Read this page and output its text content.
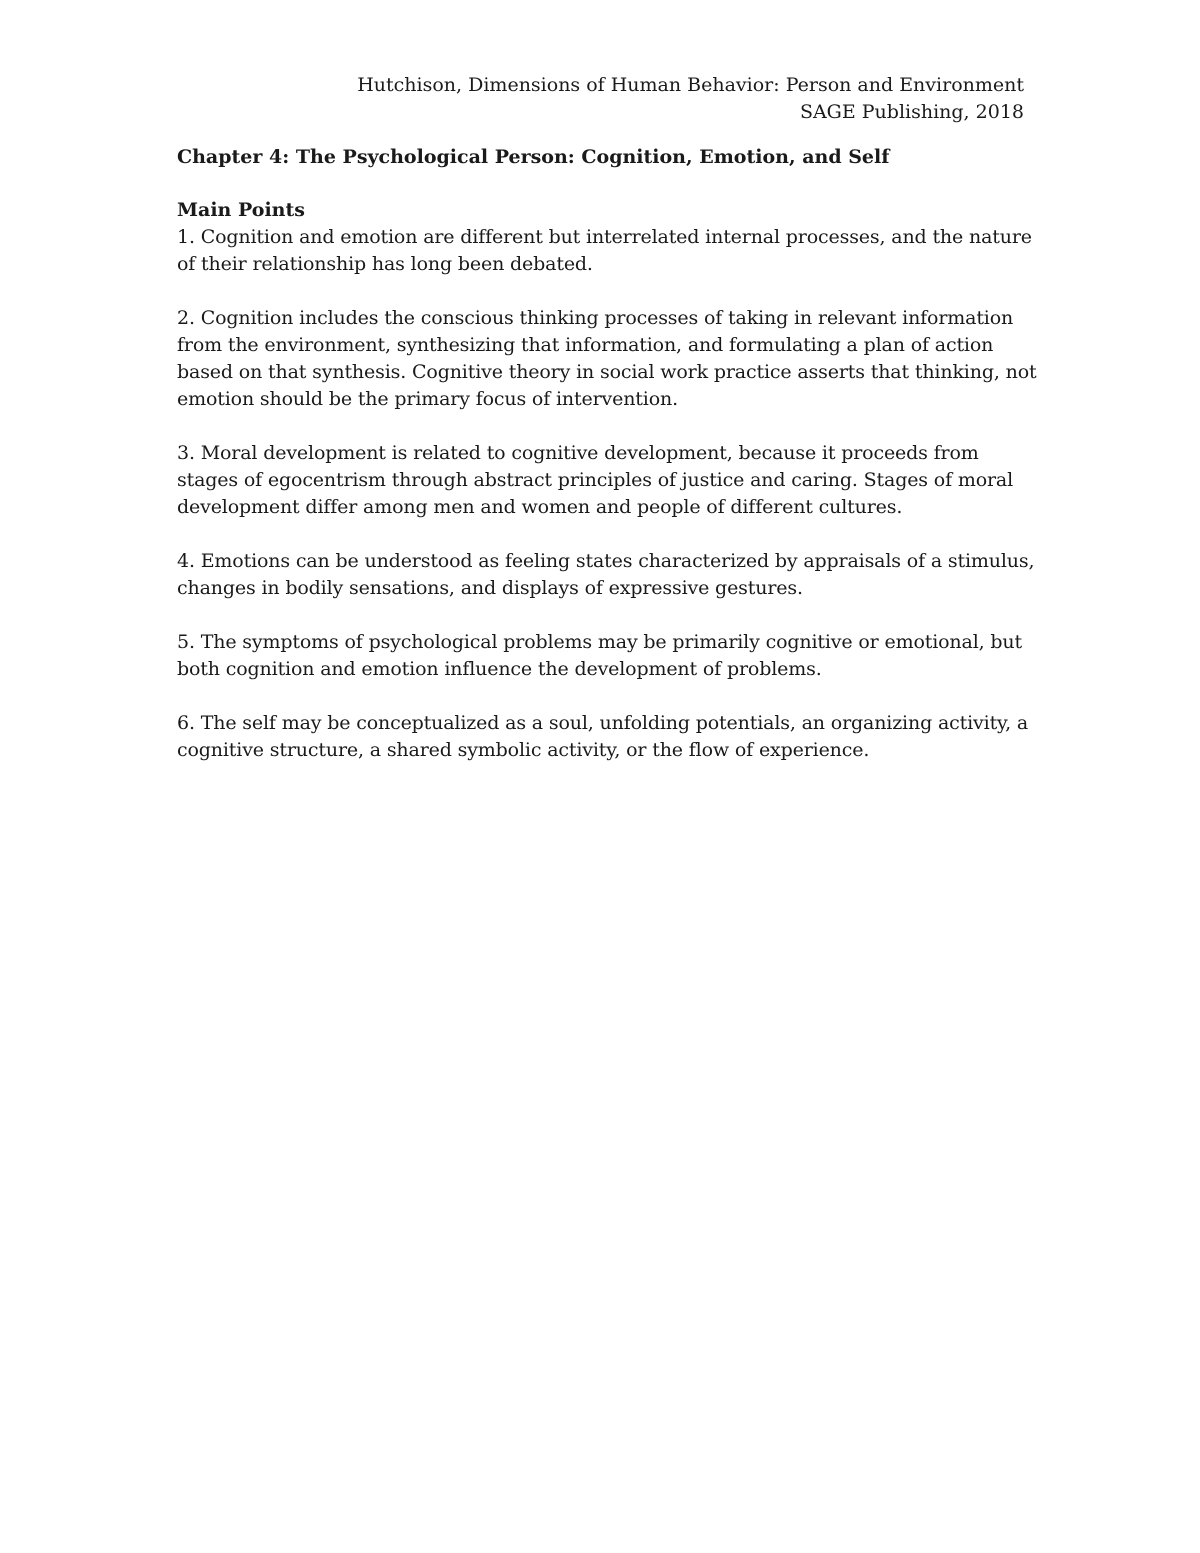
Hutchison, Dimensions of Human Behavior: Person and Environment
SAGE Publishing, 2018
Chapter 4: The Psychological Person: Cognition, Emotion, and Self
Main Points
1. Cognition and emotion are different but interrelated internal processes, and the nature
of their relationship has long been debated.
2. Cognition includes the conscious thinking processes of taking in relevant information
from the environment, synthesizing that information, and formulating a plan of action
based on that synthesis. Cognitive theory in social work practice asserts that thinking, not
emotion should be the primary focus of intervention.
3. Moral development is related to cognitive development, because it proceeds from
stages of egocentrism through abstract principles of justice and caring. Stages of moral
development differ among men and women and people of different cultures.
4. Emotions can be understood as feeling states characterized by appraisals of a stimulus,
changes in bodily sensations, and displays of expressive gestures.
5. The symptoms of psychological problems may be primarily cognitive or emotional, but
both cognition and emotion influence the development of problems.
6. The self may be conceptualized as a soul, unfolding potentials, an organizing activity, a
cognitive structure, a shared symbolic activity, or the flow of experience.
